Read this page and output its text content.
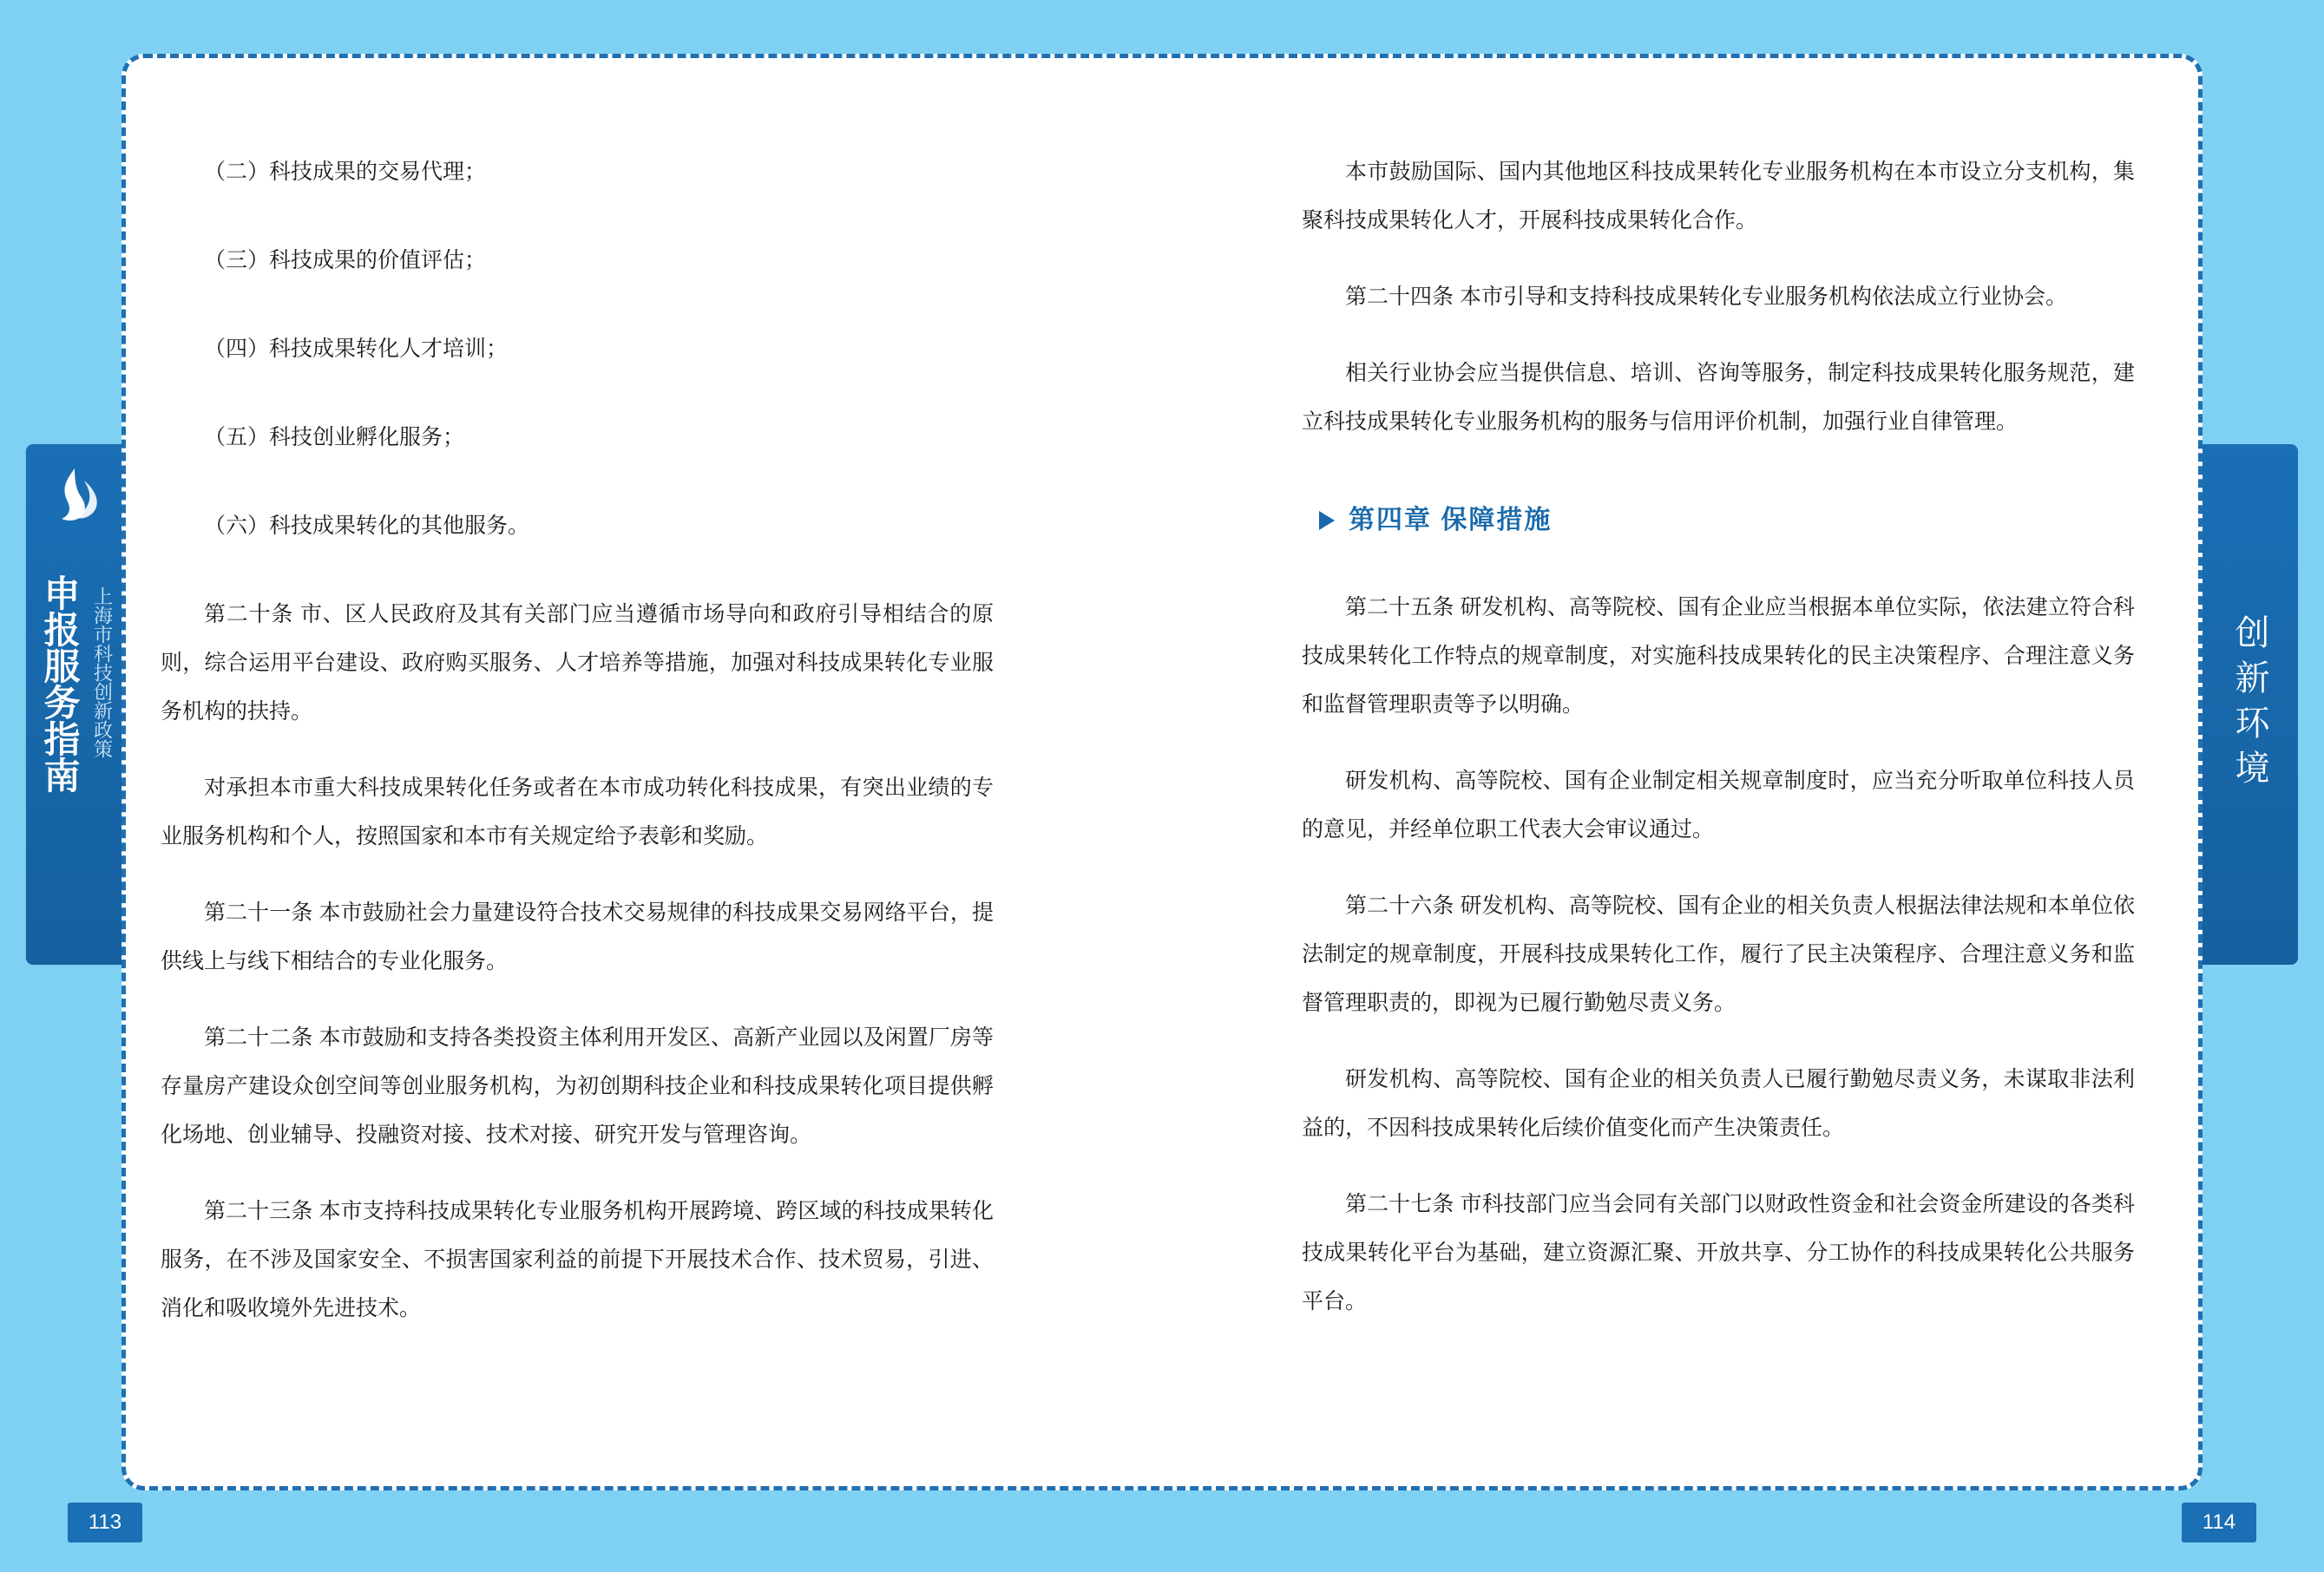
申报服务指南 上海市科技创新政策	创新环境

（二）科技成果的交易代理；

（三）科技成果的价值评估；

（四）科技成果转化人才培训；

（五）科技创业孵化服务；

（六）科技成果转化的其他服务。

第二十条 市、区人民政府及其有关部门应当遵循市场导向和政府引导相结合的原则，综合运用平台建设、政府购买服务、人才培养等措施，加强对科技成果转化专业服务机构的扶持。

对承担本市重大科技成果转化任务或者在本市成功转化科技成果，有突出业绩的专业服务机构和个人，按照国家和本市有关规定给予表彰和奖励。

第二十一条 本市鼓励社会力量建设符合技术交易规律的科技成果交易网络平台，提供线上与线下相结合的专业化服务。

第二十二条 本市鼓励和支持各类投资主体利用开发区、高新产业园以及闲置厂房等存量房产建设众创空间等创业服务机构，为初创期科技企业和科技成果转化项目提供孵化场地、创业辅导、投融资对接、技术对接、研究开发与管理咨询。

第二十三条 本市支持科技成果转化专业服务机构开展跨境、跨区域的科技成果转化服务，在不涉及国家安全、不损害国家利益的前提下开展技术合作、技术贸易，引进、消化和吸收境外先进技术。

本市鼓励国际、国内其他地区科技成果转化专业服务机构在本市设立分支机构，集聚科技成果转化人才，开展科技成果转化合作。

第二十四条 本市引导和支持科技成果转化专业服务机构依法成立行业协会。

相关行业协会应当提供信息、培训、咨询等服务，制定科技成果转化服务规范，建立科技成果转化专业服务机构的服务与信用评价机制，加强行业自律管理。

第四章 保障措施

第二十五条 研发机构、高等院校、国有企业应当根据本单位实际，依法建立符合科技成果转化工作特点的规章制度，对实施科技成果转化的民主决策程序、合理注意义务和监督管理职责等予以明确。

研发机构、高等院校、国有企业制定相关规章制度时，应当充分听取单位科技人员的意见，并经单位职工代表大会审议通过。

第二十六条 研发机构、高等院校、国有企业的相关负责人根据法律法规和本单位依法制定的规章制度，开展科技成果转化工作，履行了民主决策程序、合理注意义务和监督管理职责的，即视为已履行勤勉尽责义务。

研发机构、高等院校、国有企业的相关负责人已履行勤勉尽责义务，未谋取非法利益的，不因科技成果转化后续价值变化而产生决策责任。

第二十七条 市科技部门应当会同有关部门以财政性资金和社会资金所建设的各类科技成果转化平台为基础，建立资源汇聚、开放共享、分工协作的科技成果转化公共服务平台。

113	114
